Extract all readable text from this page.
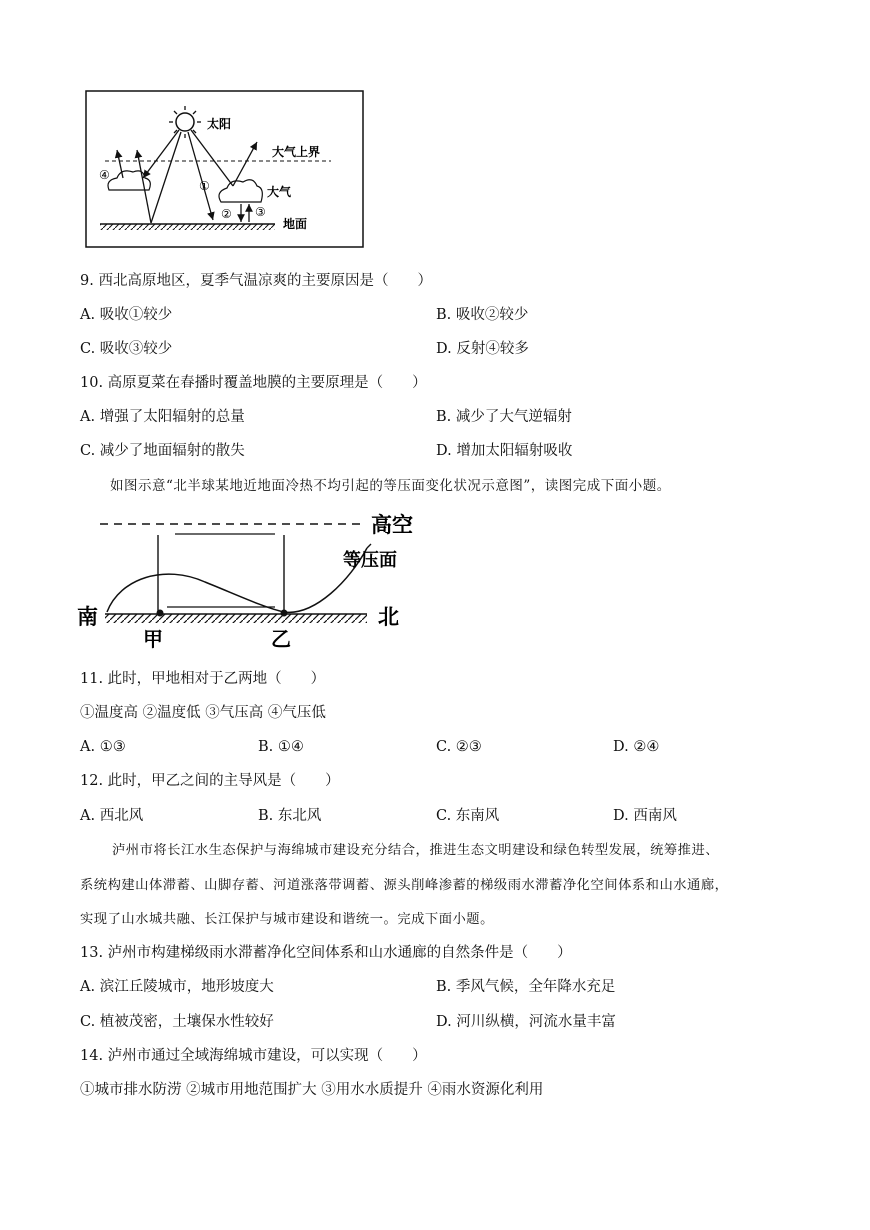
太阳
大气上界
地面
大气
④
①
② ③
9. 西北高原地区，夏季气温凉爽的主要原因是（　　）
A. 吸收①较少	B. 吸收②较少
C. 吸收③较少	D. 反射④较多
10. 高原夏菜在春播时覆盖地膜的主要原理是（　　）
A. 增强了太阳辐射的总量	B. 减少了大气逆辐射
C. 减少了地面辐射的散失	D. 增加太阳辐射吸收
如图示意“北半球某地近地面冷热不均引起的等压面变化状况示意图”，读图完成下面小题。
高空
等压面
南	北
甲	乙
11. 此时，甲地相对于乙两地（　　）
①温度高 ②温度低 ③气压高 ④气压低
A. ①③	B. ①④	C. ②③	D. ②④
12. 此时，甲乙之间的主导风是（　　）
A. 西北风	B. 东北风	C. 东南风	D. 西南风
泸州市将长江水生态保护与海绵城市建设充分结合，推进生态文明建设和绿色转型发展，统筹推进、
系统构建山体滞蓄、山脚存蓄、河道涨落带调蓄、源头削峰渗蓄的梯级雨水滞蓄净化空间体系和山水通廊，
实现了山水城共融、长江保护与城市建设和谐统一。完成下面小题。
13. 泸州市构建梯级雨水滞蓄净化空间体系和山水通廊的自然条件是（　　）
A. 滨江丘陵城市，地形坡度大	B. 季风气候，全年降水充足
C. 植被茂密，土壤保水性较好	D. 河川纵横，河流水量丰富
14. 泸州市通过全域海绵城市建设，可以实现（　　）
①城市排水防涝 ②城市用地范围扩大 ③用水水质提升 ④雨水资源化利用
